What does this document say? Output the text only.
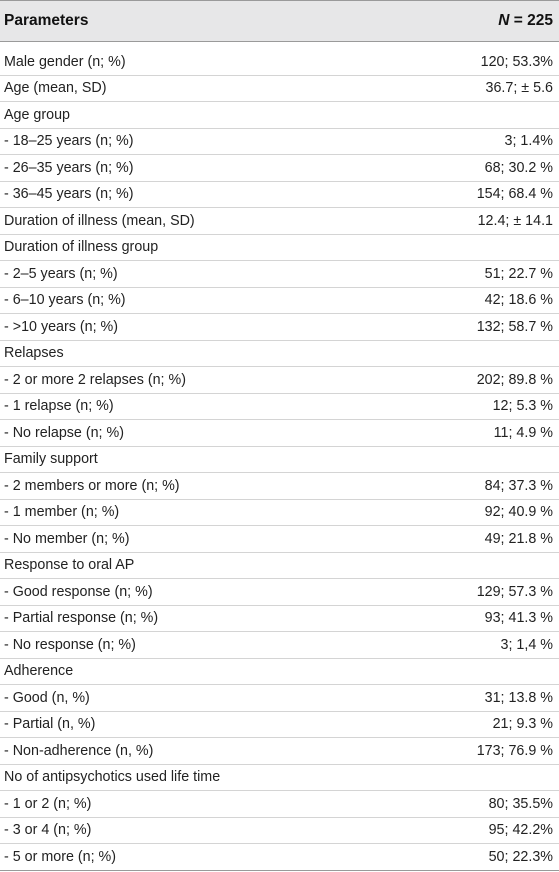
Parameters	N = 225
Male gender (n; %)	120; 53.3%
Age (mean, SD)	36.7; ± 5.6
Age group
- 18–25 years (n; %)	3; 1.4%
- 26–35 years (n; %)	68; 30.2 %
- 36–45 years (n; %)	154; 68.4 %
Duration of illness (mean, SD)	12.4; ± 14.1
Duration of illness group
- 2–5 years (n; %)	51; 22.7 %
- 6–10 years (n; %)	42; 18.6 %
- >10 years (n; %)	132; 58.7 %
Relapses
- 2 or more 2 relapses (n; %)	202; 89.8 %
- 1 relapse (n; %)	12; 5.3 %
- No relapse (n; %)	11; 4.9 %
Family support
- 2 members or more (n; %)	84; 37.3 %
- 1 member (n; %)	92; 40.9 %
- No member (n; %)	49; 21.8 %
Response to oral AP
- Good response (n; %)	129; 57.3 %
- Partial response (n; %)	93; 41.3 %
- No response (n; %)	3; 1,4 %
Adherence
- Good (n, %)	31; 13.8 %
- Partial (n, %)	21; 9.3 %
- Non-adherence (n, %)	173; 76.9 %
No of antipsychotics used life time
- 1 or 2 (n; %)	80; 35.5%
- 3 or 4 (n; %)	95; 42.2%
- 5 or more (n; %)	50; 22.3%
